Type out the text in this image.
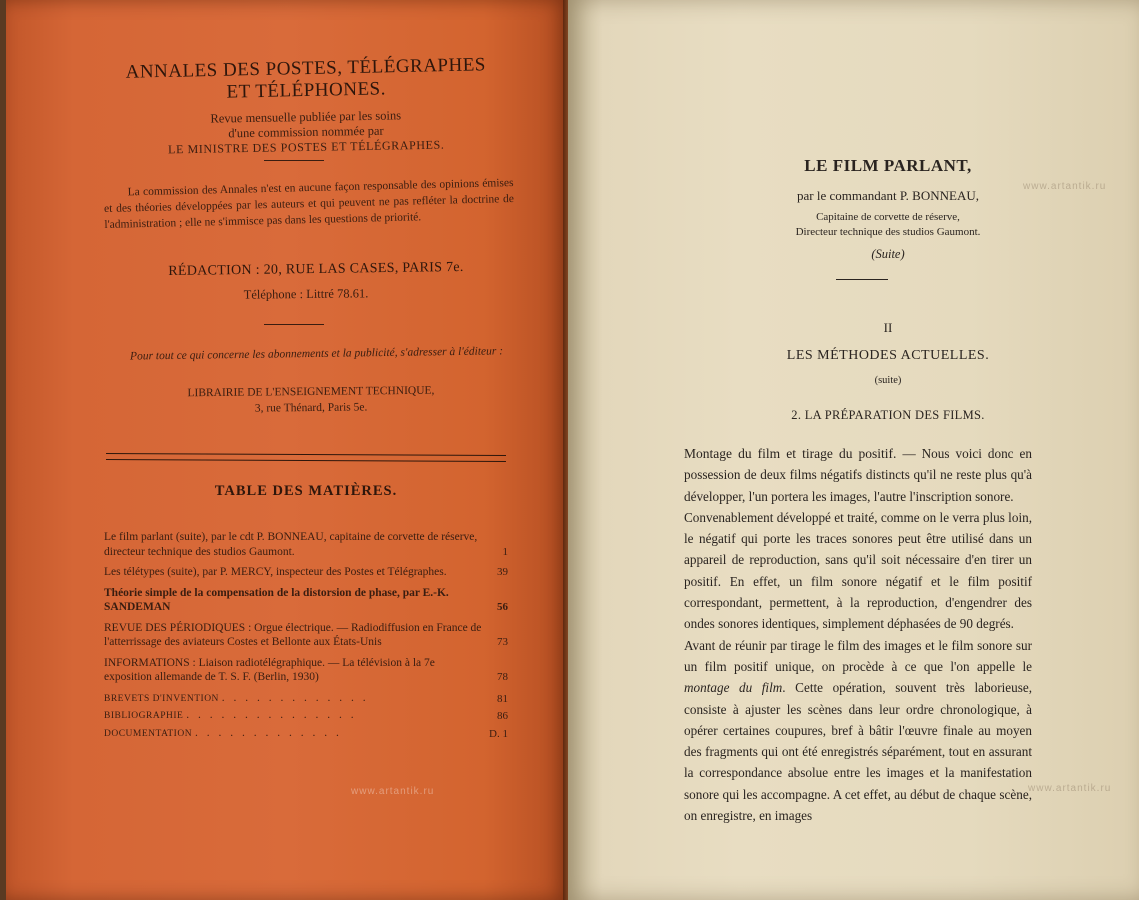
ANNALES DES POSTES, TÉLÉGRAPHES
ET TÉLÉPHONES.
Revue mensuelle publiée par les soins
d'une commission nommée par
LE MINISTRE DES POSTES ET TÉLÉGRAPHES.
La commission des Annales n'est en aucune façon responsable des opinions émises et des théories développées par les auteurs et qui peuvent ne pas refléter la doctrine de l'administration ; elle ne s'immisce pas dans les questions de priorité.
RÉDACTION : 20, RUE LAS CASES, PARIS 7e.
Téléphone : Littré 78.61.
Pour tout ce qui concerne les abonnements et la publicité, s'adresser à l'éditeur :
LIBRAIRIE DE L'ENSEIGNEMENT TECHNIQUE,
3, rue Thénard, Paris 5e.
TABLE DES MATIÈRES.
Le film parlant (suite), par le cdt P. BONNEAU, capitaine de corvette de réserve, directeur technique des studios Gaumont.	1
Les télétypes (suite), par P. MERCY, inspecteur des Postes et Télégraphes.	39
Théorie simple de la compensation de la distorsion de phase, par E.-K. SANDEMAN	56
REVUE DES PÉRIODIQUES : Orgue électrique. — Radiodiffusion en France de l'atterrissage des aviateurs Costes et Bellonte aux États-Unis	73
INFORMATIONS : Liaison radiotélégraphique. — La télévision à la 7e exposition allemande de T. S. F. (Berlin, 1930)	78
BREVETS D'INVENTION . . . . . . . . . . . . .	81
BIBLIOGRAPHIE . . . . . . . . . . . . . . .	86
DOCUMENTATION . . . . . . . . . . . . .	D. 1
www.artantik.ru
LE FILM PARLANT,
par le commandant P. BONNEAU,
Capitaine de corvette de réserve,
Directeur technique des studios Gaumont.
(Suite)
II
LES MÉTHODES ACTUELLES.
(suite)
2. LA PRÉPARATION DES FILMS.

Montage du film et tirage du positif. — Nous voici donc en possession de deux films négatifs distincts qu'il ne reste plus qu'à développer, l'un portera les images, l'autre l'inscription sonore.

Convenablement développé et traité, comme on le verra plus loin, le négatif qui porte les traces sonores peut être utilisé dans un appareil de reproduction, sans qu'il soit nécessaire d'en tirer un positif. En effet, un film sonore négatif et le film positif correspondant, permettent, à la reproduction, d'engendrer des ondes sonores identiques, simplement déphasées de 90 degrés.

Avant de réunir par tirage le film des images et le film sonore sur un film positif unique, on procède à ce que l'on appelle le montage du film. Cette opération, souvent très laborieuse, consiste à ajuster les scènes dans leur ordre chronologique, à opérer certaines coupures, bref à bâtir l'œuvre finale au moyen des fragments qui ont été enregistrés séparément, tout en assurant la correspondance absolue entre les images et la manifestation sonore qui les accompagne. A cet effet, au début de chaque scène, on enregistre, en images

www.artantik.ru
www.artantik.ru
